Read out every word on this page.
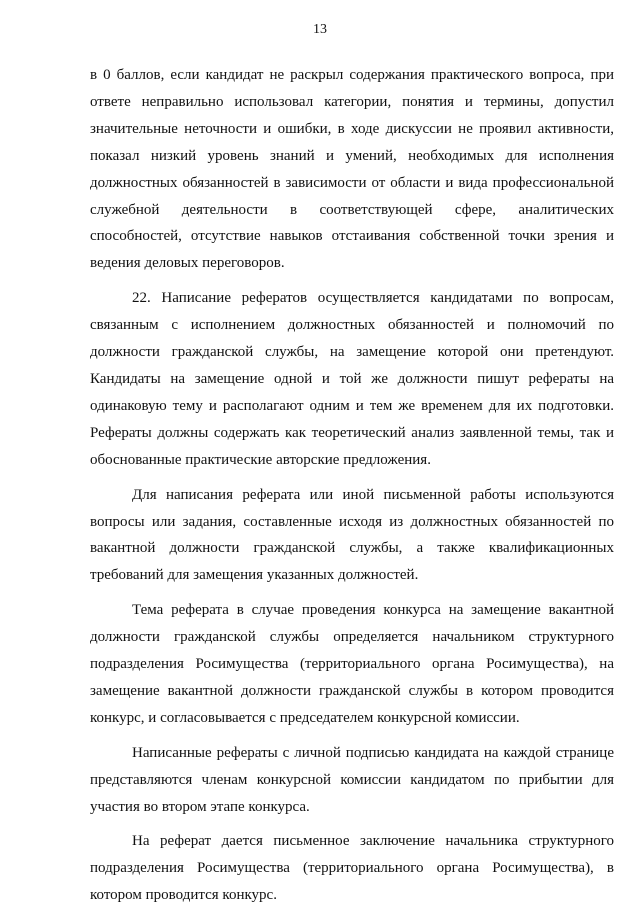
13

в 0 баллов, если кандидат не раскрыл содержания практического вопроса, при ответе неправильно использовал категории, понятия и термины, допустил значительные неточности и ошибки, в ходе дискуссии не проявил активности, показал низкий уровень знаний и умений, необходимых для исполнения должностных обязанностей в зависимости от области и вида профессиональной служебной деятельности в соответствующей сфере, аналитических способностей, отсутствие навыков отстаивания собственной точки зрения и ведения деловых переговоров.

22. Написание рефератов осуществляется кандидатами по вопросам, связанным с исполнением должностных обязанностей и полномочий по должности гражданской службы, на замещение которой они претендуют. Кандидаты на замещение одной и той же должности пишут рефераты на одинаковую тему и располагают одним и тем же временем для их подготовки. Рефераты должны содержать как теоретический анализ заявленной темы, так и обоснованные практические авторские предложения.

Для написания реферата или иной письменной работы используются вопросы или задания, составленные исходя из должностных обязанностей по вакантной должности гражданской службы, а также квалификационных требований для замещения указанных должностей.

Тема реферата в случае проведения конкурса на замещение вакантной должности гражданской службы определяется начальником структурного подразделения Росимущества (территориального органа Росимущества), на замещение вакантной должности гражданской службы в котором проводится конкурс, и согласовывается с председателем конкурсной комиссии.

Написанные рефераты с личной подписью кандидата на каждой странице представляются членам конкурсной комиссии кандидатом по прибытии для участия во втором этапе конкурса.

На реферат дается письменное заключение начальника структурного подразделения Росимущества (территориального органа Росимущества), в котором проводится конкурс.
